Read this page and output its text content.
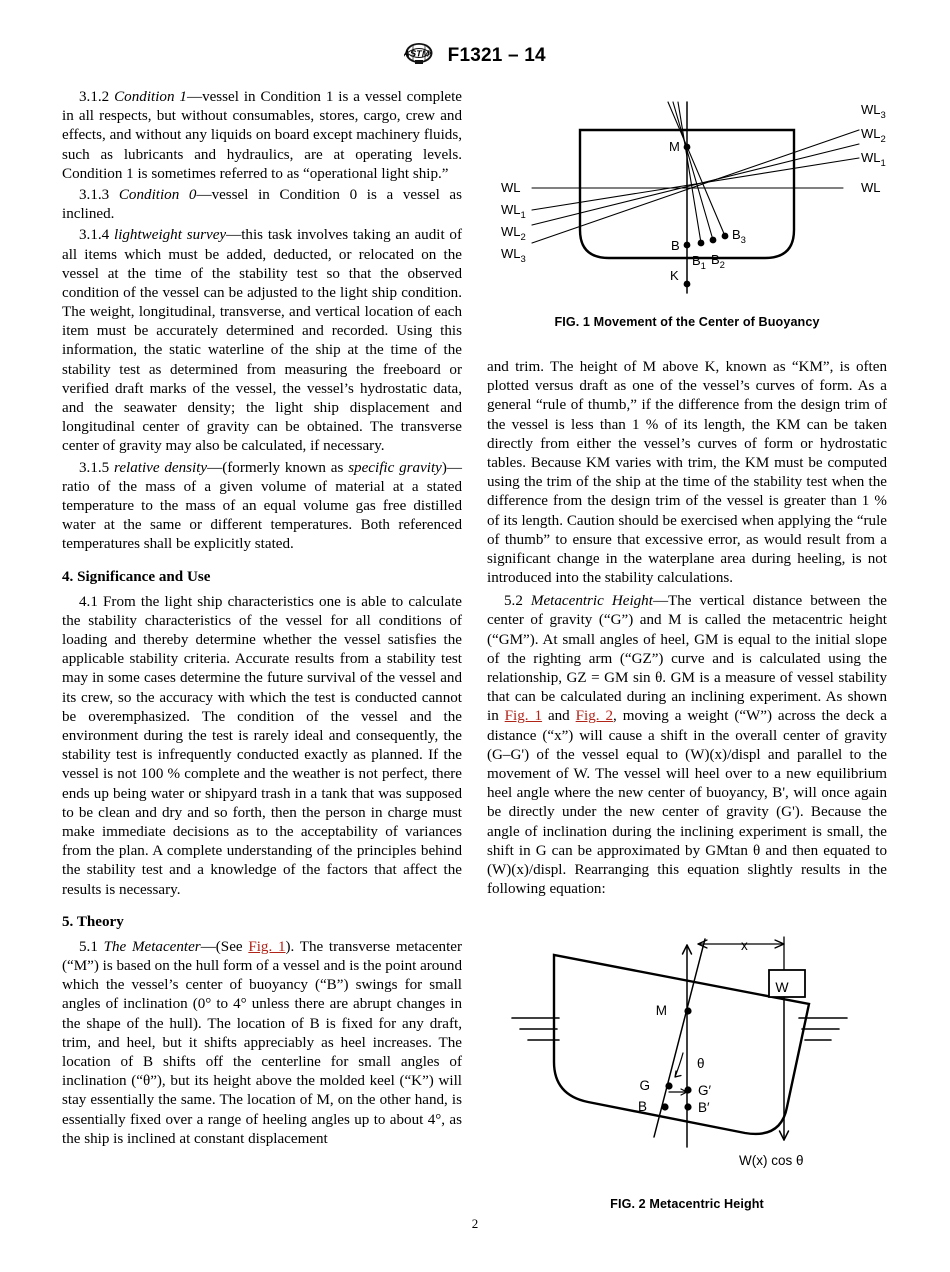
ASTM F1321 – 14

3.1.2 Condition 1—vessel in Condition 1 is a vessel complete in all respects, but without consumables, stores, cargo, crew and effects, and without any liquids on board except machinery fluids, such as lubricants and hydraulics, are at operating levels. Condition 1 is sometimes referred to as “operational light ship.”

3.1.3 Condition 0—vessel in Condition 0 is a vessel as inclined.

3.1.4 lightweight survey—this task involves taking an audit of all items which must be added, deducted, or relocated on the vessel at the time of the stability test so that the observed condition of the vessel can be adjusted to the light ship condition. The weight, longitudinal, transverse, and vertical location of each item must be accurately determined and recorded. Using this information, the static waterline of the ship at the time of the stability test as determined from measuring the freeboard or verified draft marks of the vessel, the vessel’s hydrostatic data, and the seawater density; the light ship displacement and longitudinal center of gravity can be obtained. The transverse center of gravity may also be calculated, if necessary.

3.1.5 relative density—(formerly known as specific gravity)—ratio of the mass of a given volume of material at a stated temperature to the mass of an equal volume gas free distilled water at the same or different temperatures. Both referenced temperatures shall be explicitly stated.

4. Significance and Use

4.1 From the light ship characteristics one is able to calculate the stability characteristics of the vessel for all conditions of loading and thereby determine whether the vessel satisfies the applicable stability criteria. Accurate results from a stability test may in some cases determine the future survival of the vessel and its crew, so the accuracy with which the test is conducted cannot be overemphasized. The condition of the vessel and the environment during the test is rarely ideal and consequently, the stability test is infrequently conducted exactly as planned. If the vessel is not 100 % complete and the weather is not perfect, there ends up being water or shipyard trash in a tank that was supposed to be clean and dry and so forth, then the person in charge must make immediate decisions as to the acceptability of variances from the plan. A complete understanding of the principles behind the stability test and a knowledge of the factors that affect the results is necessary.

5. Theory

5.1 The Metacenter—(See Fig. 1). The transverse metacenter (“M”) is based on the hull form of a vessel and is the point around which the vessel’s center of buoyancy (“B”) swings for small angles of inclination (0° to 4° unless there are abrupt changes in the shape of the hull). The location of B is fixed for any draft, trim, and heel, but it shifts appreciably as heel increases. The location of B shifts off the centerline for small angles of inclination (“θ”), but its height above the molded keel (“K”) will stay essentially the same. The location of M, on the other hand, is essentially fixed over a range of heeling angles up to about 4°, as the ship is inclined at constant displacement

WL
$WL_1$
$WL_2$
$WL_3$
WL
$WL_1$
$WL_2$
$WL_3$
M
B
$B_1$ $B_2$
$B_3$
K
FIG. 1 Movement of the Center of Buoyancy

and trim. The height of M above K, known as “KM”, is often plotted versus draft as one of the vessel’s curves of form. As a general “rule of thumb,” if the difference from the design trim of the vessel is less than 1 % of its length, the KM can be taken directly from either the vessel’s curves of form or hydrostatic tables. Because KM varies with trim, the KM must be computed using the trim of the ship at the time of the stability test when the difference from the design trim of the vessel is greater than 1 % of its length. Caution should be exercised when applying the “rule of thumb” to ensure that excessive error, as would result from a significant change in the waterplane area during heeling, is not introduced into the stability calculations.

5.2 Metacentric Height—The vertical distance between the center of gravity (“G”) and M is called the metacentric height (“GM”). At small angles of heel, GM is equal to the initial slope of the righting arm (“GZ”) curve and is calculated using the relationship, GZ = GM sin θ. GM is a measure of vessel stability that can be calculated during an inclining experiment. As shown in Fig. 1 and Fig. 2, moving a weight (“W”) across the deck a distance (“x”) will cause a shift in the overall center of gravity (G–G') of the vessel equal to (W)(x)/displ and parallel to the movement of W. The vessel will heel over to a new equilibrium heel angle where the new center of buoyancy, B', will once again be directly under the new center of gravity (G'). Because the angle of inclination during the inclining experiment is small, the shift in G can be approximated by GMtan θ and then equated to (W)(x)/displ. Rearranging this equation slightly results in the following equation:

x
W
M
θ
G	G′
B	B′
W(x) cos θ
FIG. 2 Metacentric Height
2
